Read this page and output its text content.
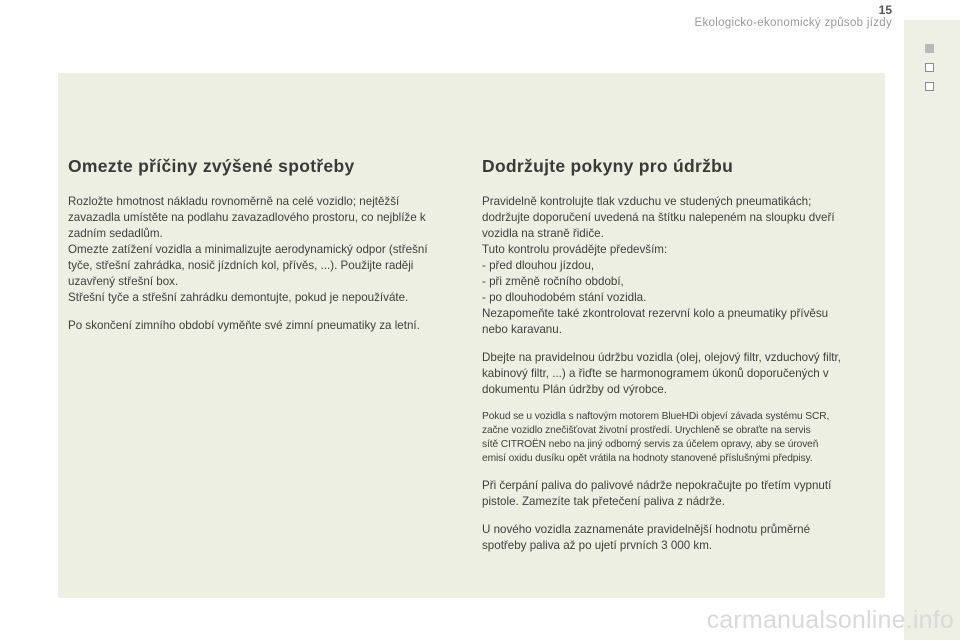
15
Ekologicko-ekonomický způsob jízdy
Omezte příčiny zvýšené spotřeby

Rozložte hmotnost nákladu rovnoměrně na celé vozidlo; nejtěžší
zavazadla umístěte na podlahu zavazadlového prostoru, co nejblíže k
zadním sedadlům.
Omezte zatížení vozidla a minimalizujte aerodynamický odpor (střešní
tyče, střešní zahrádka, nosič jízdních kol, přívěs, ...). Použijte raději
uzavřený střešní box.
Střešní tyče a střešní zahrádku demontujte, pokud je nepoužíváte.

Po skončení zimního období vyměňte své zimní pneumatiky za letní.

Dodržujte pokyny pro údržbu

Pravidelně kontrolujte tlak vzduchu ve studených pneumatikách;
dodržujte doporučení uvedená na štítku nalepeném na sloupku dveří
vozidla na straně řidiče.
Tuto kontrolu provádějte především:
- před dlouhou jízdou,
- při změně ročního období,
- po dlouhodobém stání vozidla.
Nezapomeňte také zkontrolovat rezervní kolo a pneumatiky přívěsu
nebo karavanu.

Dbejte na pravidelnou údržbu vozidla (olej, olejový filtr, vzduchový filtr,
kabinový filtr, ...) a řiďte se harmonogramem úkonů doporučených v
dokumentu Plán údržby od výrobce.

Pokud se u vozidla s naftovým motorem BlueHDi objeví závada systému SCR,
začne vozidlo znečišťovat životní prostředí. Urychleně se obraťte na servis
sítě CITROËN nebo na jiný odborný servis za účelem opravy, aby se úroveň
emisí oxidu dusíku opět vrátila na hodnoty stanovené příslušnými předpisy.

Při čerpání paliva do palivové nádrže nepokračujte po třetím vypnutí
pistole. Zamezíte tak přetečení paliva z nádrže.

U nového vozidla zaznamenáte pravidelnější hodnotu průměrné
spotřeby paliva až po ujetí prvních 3 000 km.

carmanualsonline.info
